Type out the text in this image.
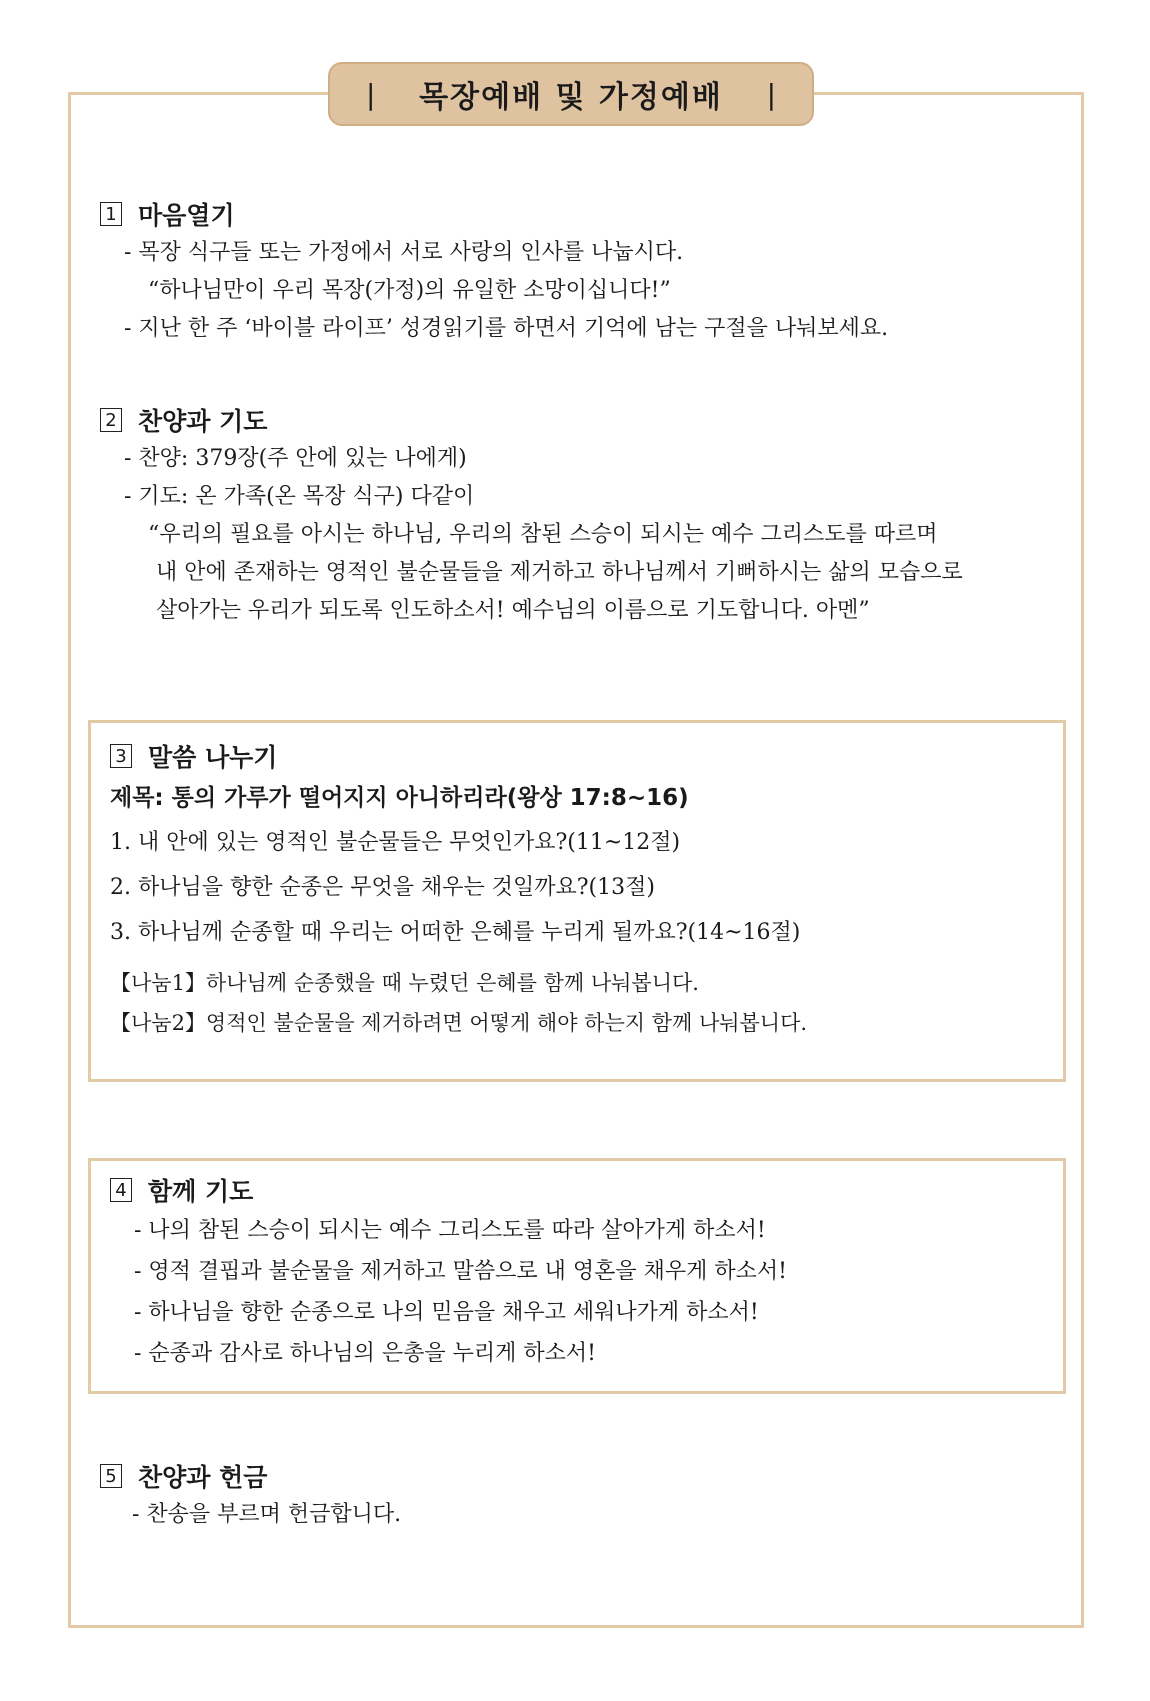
| 목장예배 및 가정예배 |
1 마음열기
- 목장 식구들 또는 가정에서 서로 사랑의 인사를 나눕시다.
“하나님만이 우리 목장(가정)의 유일한 소망이십니다!”
- 지난 한 주 ‘바이블 라이프’ 성경읽기를 하면서 기억에 남는 구절을 나눠보세요.
2 찬양과 기도
- 찬양: 379장(주 안에 있는 나에게)
- 기도: 온 가족(온 목장 식구) 다같이
“우리의 필요를 아시는 하나님, 우리의 참된 스승이 되시는 예수 그리스도를 따르며
내 안에 존재하는 영적인 불순물들을 제거하고 하나님께서 기뻐하시는 삶의 모습으로
살아가는 우리가 되도록 인도하소서! 예수님의 이름으로 기도합니다. 아멘”
3 말씀 나누기
제목: 통의 가루가 떨어지지 아니하리라(왕상 17:8~16)
1. 내 안에 있는 영적인 불순물들은 무엇인가요?(11~12절)
2. 하나님을 향한 순종은 무엇을 채우는 것일까요?(13절)
3. 하나님께 순종할 때 우리는 어떠한 은혜를 누리게 될까요?(14~16절)
【나눔1】하나님께 순종했을 때 누렸던 은혜를 함께 나눠봅니다.
【나눔2】영적인 불순물을 제거하려면 어떻게 해야 하는지 함께 나눠봅니다.
4 함께 기도
- 나의 참된 스승이 되시는 예수 그리스도를 따라 살아가게 하소서!
- 영적 결핍과 불순물을 제거하고 말씀으로 내 영혼을 채우게 하소서!
- 하나님을 향한 순종으로 나의 믿음을 채우고 세워나가게 하소서!
- 순종과 감사로 하나님의 은총을 누리게 하소서!
5 찬양과 헌금
- 찬송을 부르며 헌금합니다.
